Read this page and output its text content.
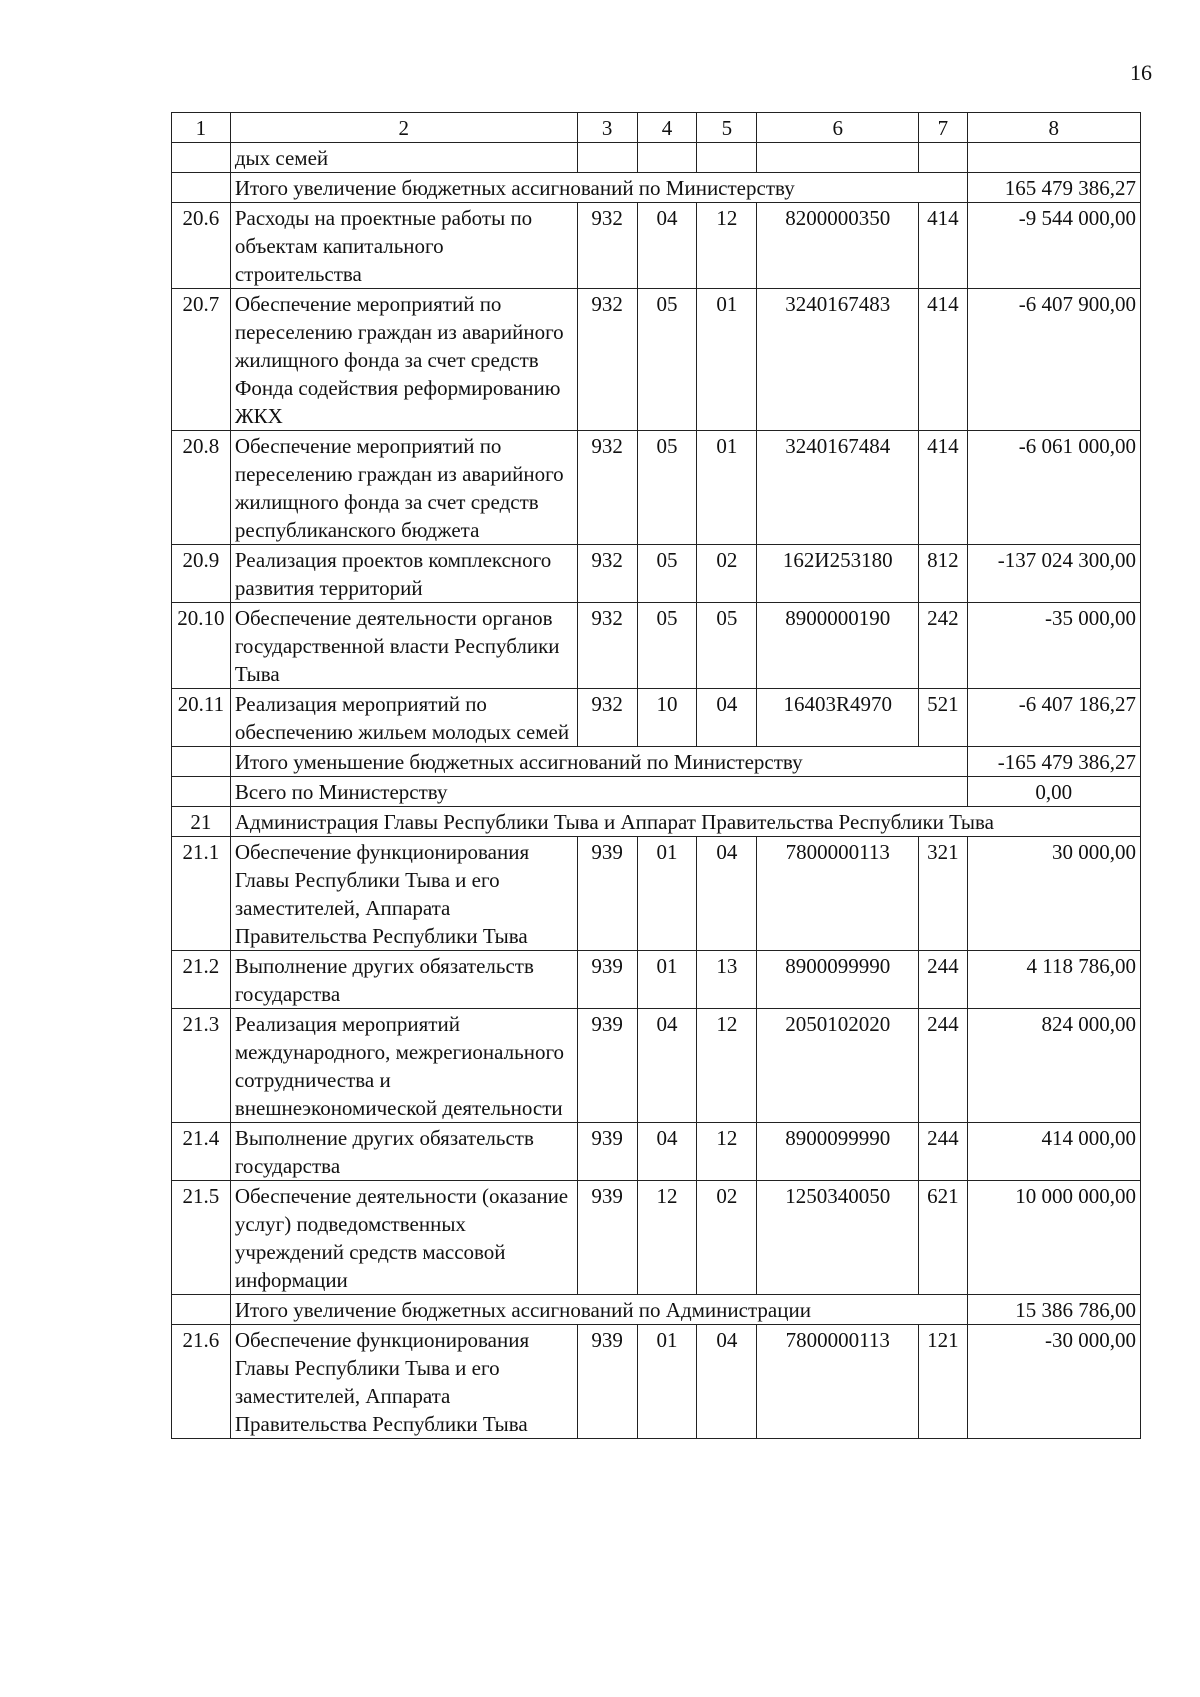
16
1	2	3	4	5	6	7	8
	дых семей						
	Итого увеличение бюджетных ассигнований по Министерству						165 479 386,27
20.6	Расходы на проектные работы по объектам капитального строительства	932	04	12	8200000350	414	-9 544 000,00
20.7	Обеспечение мероприятий по переселению граждан из аварийного жилищного фонда за счет средств Фонда содействия реформированию ЖКХ	932	05	01	3240167483	414	-6 407 900,00
20.8	Обеспечение мероприятий по переселению граждан из аварийного жилищного фонда за счет средств республиканского бюджета	932	05	01	3240167484	414	-6 061 000,00
20.9	Реализация проектов комплексного развития территорий	932	05	02	162И253180	812	-137 024 300,00
20.10	Обеспечение деятельности органов государственной власти Республики Тыва	932	05	05	8900000190	242	-35 000,00
20.11	Реализация мероприятий по обеспечению жильем молодых семей	932	10	04	16403R4970	521	-6 407 186,27
	Итого уменьшение бюджетных ассигнований по Министерству						-165 479 386,27
	Всего по Министерству						0,00
21	Администрация Главы Республики Тыва и Аппарат Правительства Республики Тыва						
21.1	Обеспечение функционирования Главы Республики Тыва и его заместителей, Аппарата Правительства Республики Тыва	939	01	04	7800000113	321	30 000,00
21.2	Выполнение других обязательств государства	939	01	13	8900099990	244	4 118 786,00
21.3	Реализация мероприятий международного, межрегионального сотрудничества и внешнеэкономической деятельности	939	04	12	2050102020	244	824 000,00
21.4	Выполнение других обязательств государства	939	04	12	8900099990	244	414 000,00
21.5	Обеспечение деятельности (оказание услуг) подведомственных учреждений средств массовой информации	939	12	02	1250340050	621	10 000 000,00
	Итого увеличение бюджетных ассигнований по Администрации						15 386 786,00
21.6	Обеспечение функционирования Главы Республики Тыва и его заместителей, Аппарата Правительства Республики Тыва	939	01	04	7800000113	121	-30 000,00
